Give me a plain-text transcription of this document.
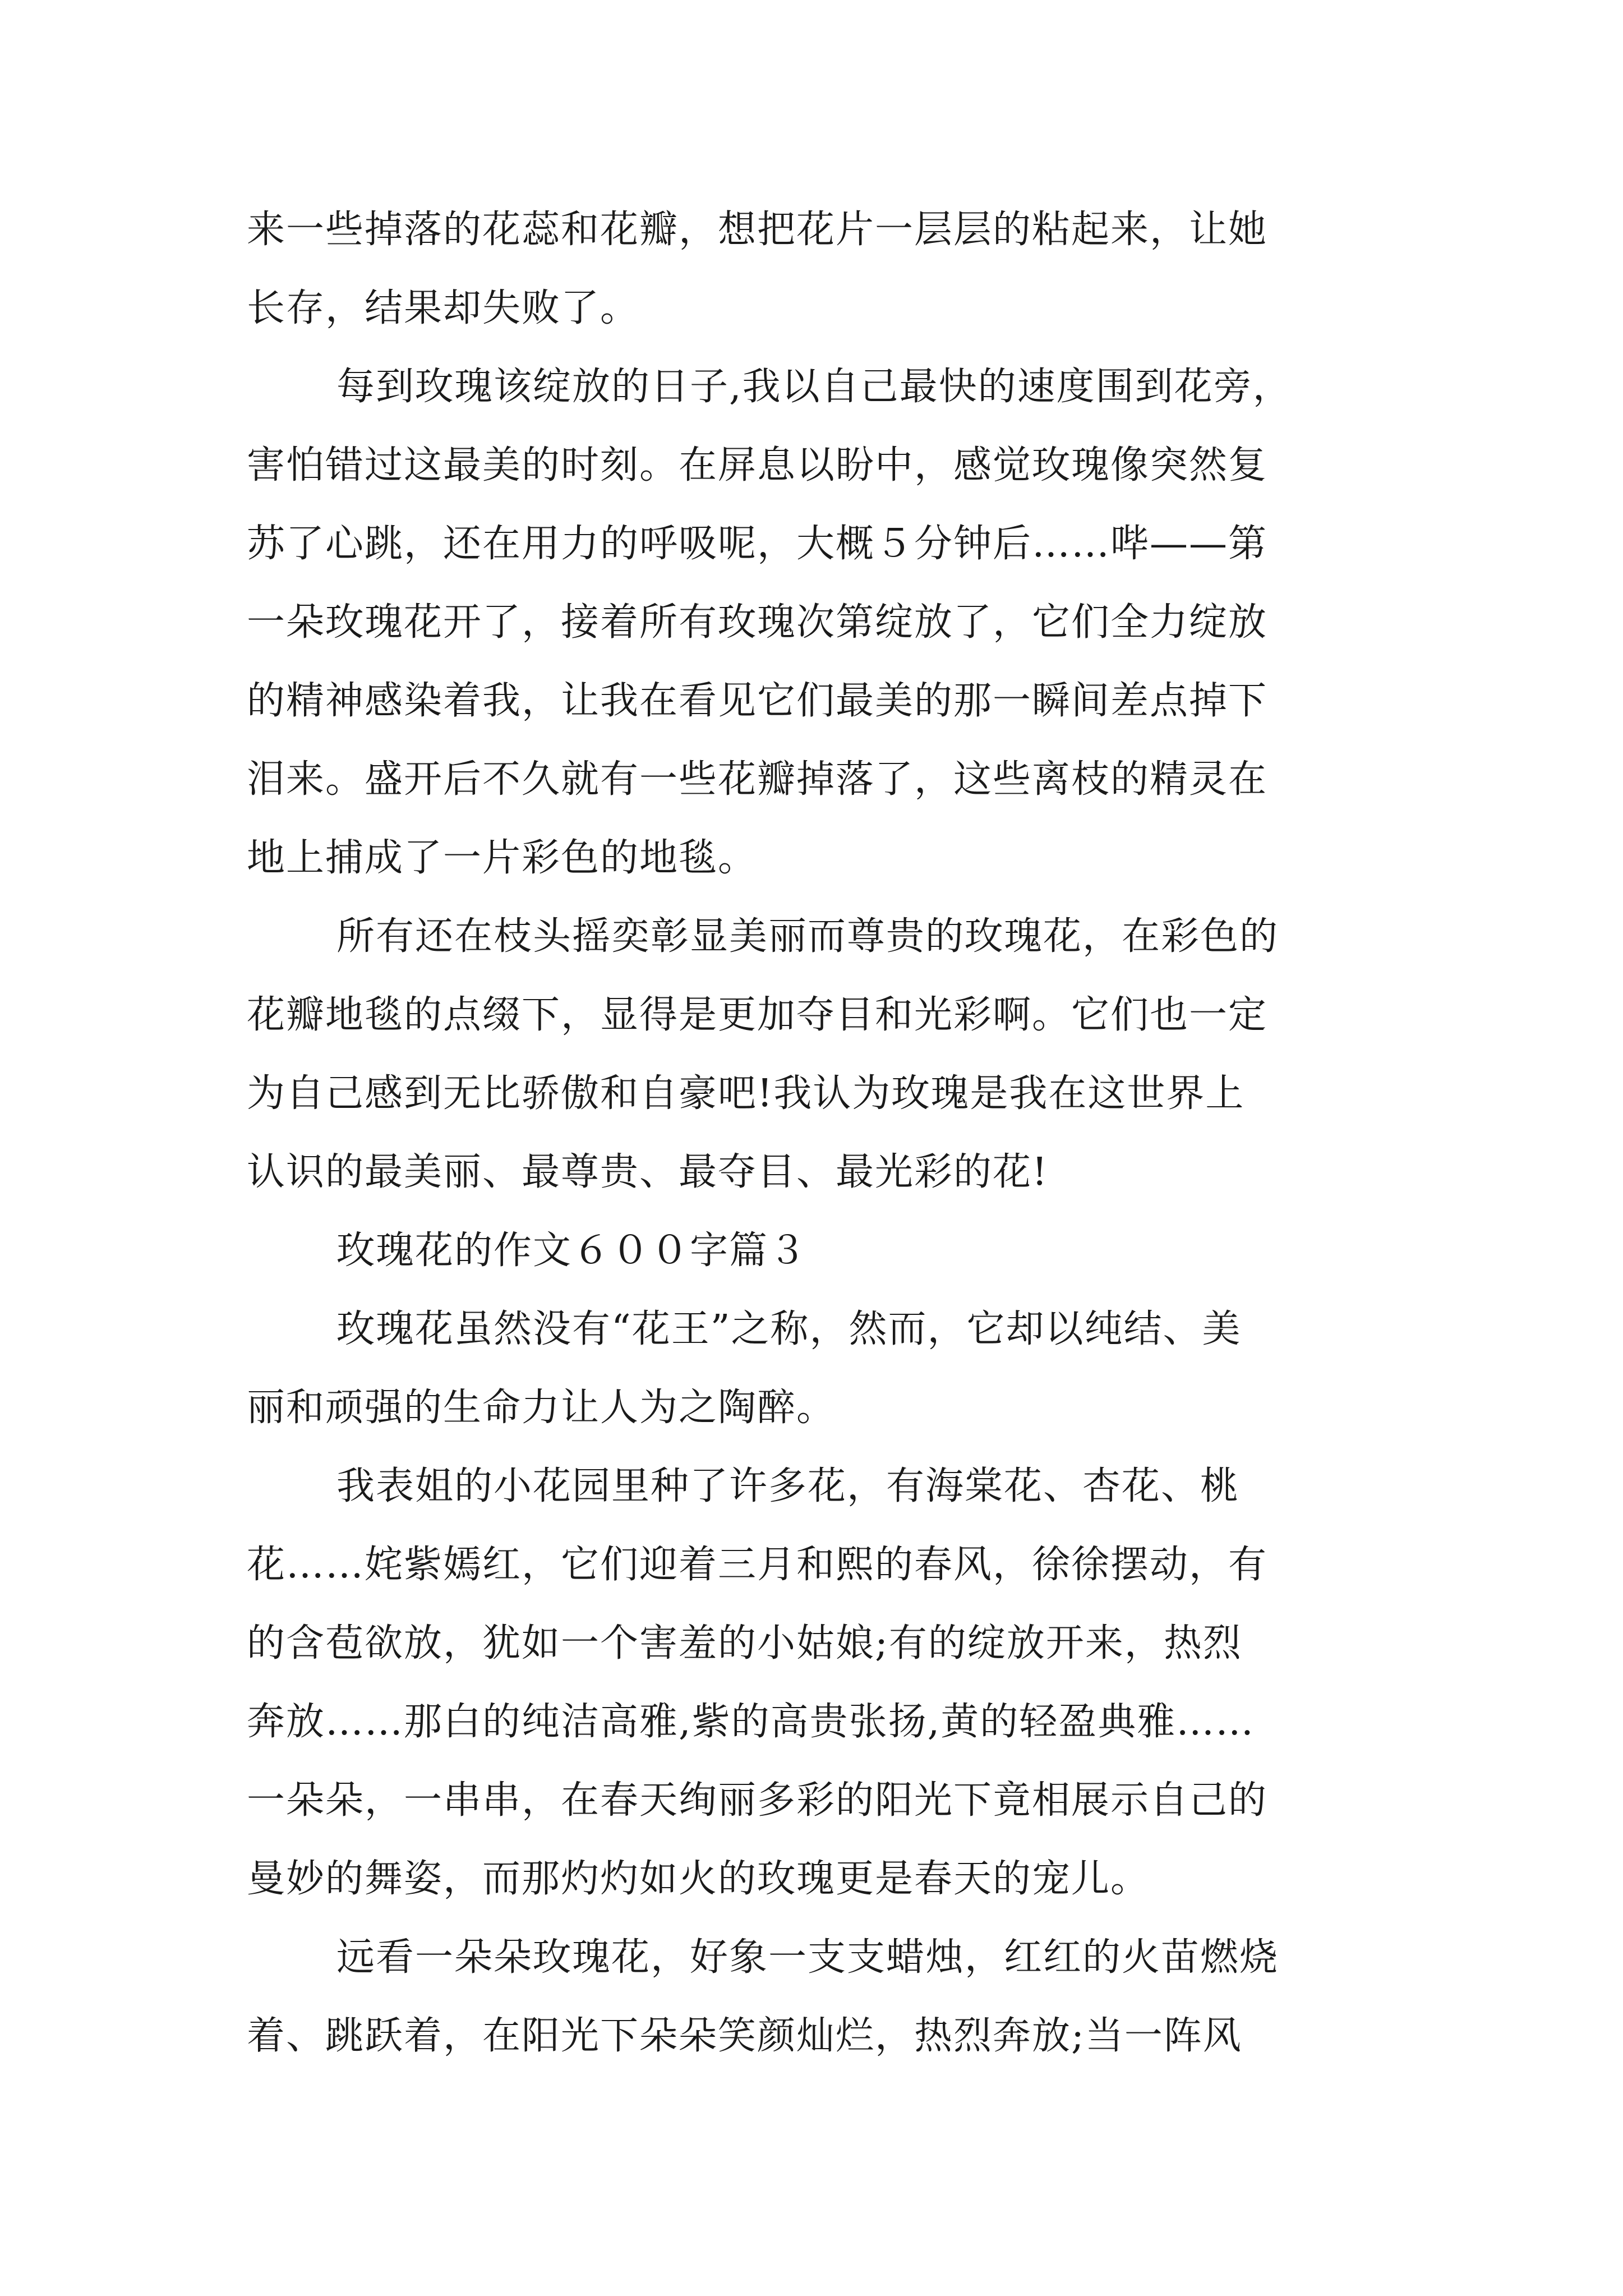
来一些掉落的花蕊和花瓣，想把花片一层层的粘起来，让她
长存，结果却失败了。
每到玫瑰该绽放的日子,我以自己最快的速度围到花旁，
害怕错过这最美的时刻。在屏息以盼中，感觉玫瑰像突然复
苏了心跳，还在用力的呼吸呢，大概５分钟后……哔——第
一朵玫瑰花开了，接着所有玫瑰次第绽放了，它们全力绽放
的精神感染着我，让我在看见它们最美的那一瞬间差点掉下
泪来。盛开后不久就有一些花瓣掉落了，这些离枝的精灵在
地上捕成了一片彩色的地毯。
所有还在枝头摇奕彰显美丽而尊贵的玫瑰花，在彩色的
花瓣地毯的点缀下，显得是更加夺目和光彩啊。它们也一定
为自己感到无比骄傲和自豪吧!我认为玫瑰是我在这世界上
认识的最美丽、最尊贵、最夺目、最光彩的花!
玫瑰花的作文６００字篇３
玫瑰花虽然没有“花王”之称，然而，它却以纯结、美
丽和顽强的生命力让人为之陶醉。
我表姐的小花园里种了许多花，有海棠花、杏花、桃
花……姹紫嫣红，它们迎着三月和熙的春风，徐徐摆动，有
的含苞欲放，犹如一个害羞的小姑娘;有的绽放开来，热烈
奔放……那白的纯洁高雅,紫的高贵张扬,黄的轻盈典雅……
一朵朵，一串串，在春天绚丽多彩的阳光下竟相展示自己的
曼妙的舞姿，而那灼灼如火的玫瑰更是春天的宠儿。
远看一朵朵玫瑰花，好象一支支蜡烛，红红的火苗燃烧
着、跳跃着，在阳光下朵朵笑颜灿烂，热烈奔放;当一阵风
